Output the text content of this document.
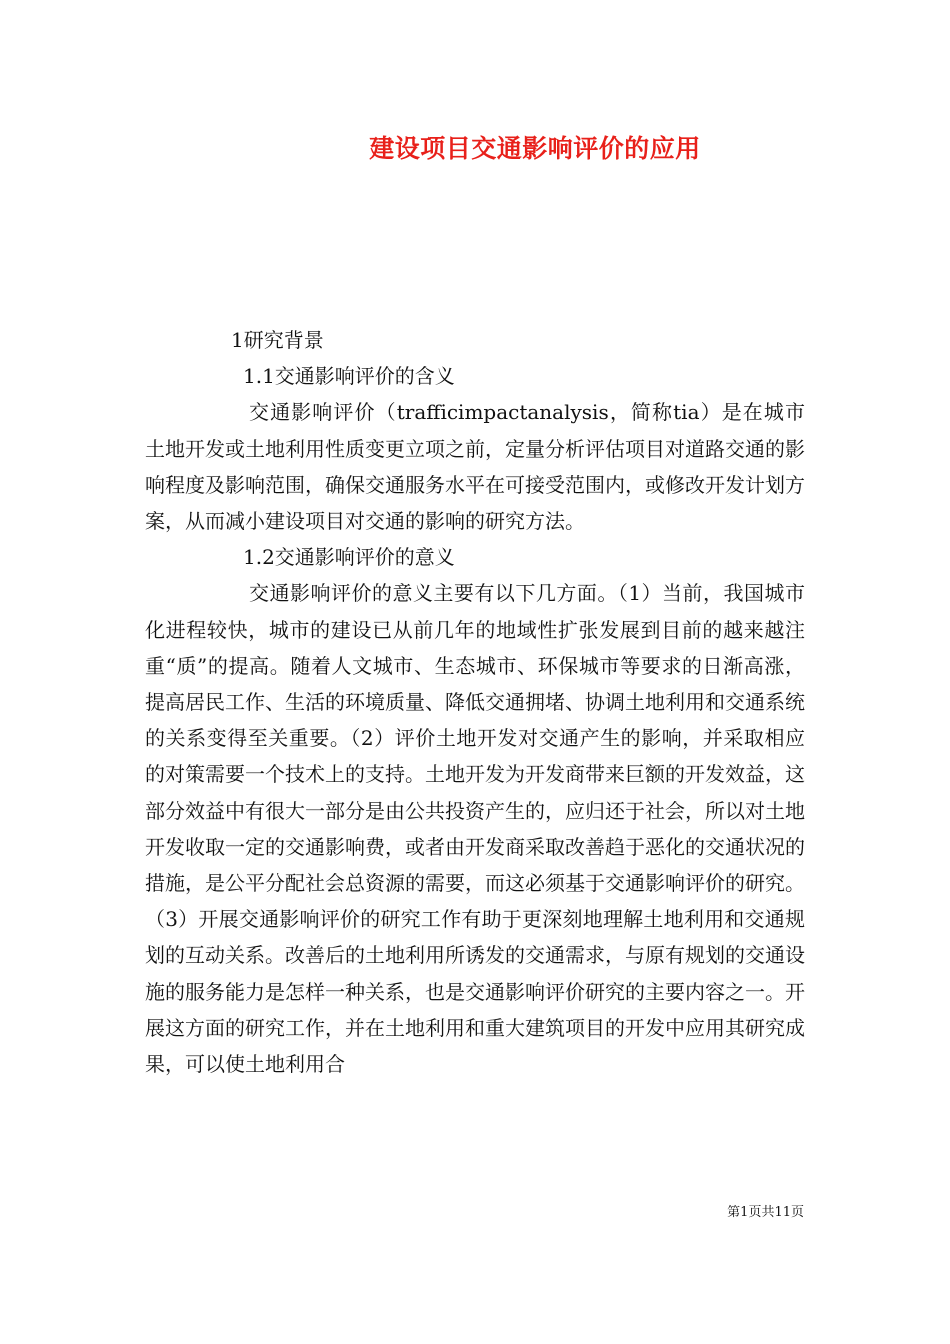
建设项目交通影响评价的应用

1研究背景

1.1交通影响评价的含义

交通影响评价（trafficimpactanalysis，简称tia）是在城市土地开发或土地利用性质变更立项之前，定量分析评估项目对道路交通的影响程度及影响范围，确保交通服务水平在可接受范围内，或修改开发计划方案，从而减小建设项目对交通的影响的研究方法。

1.2交通影响评价的意义

交通影响评价的意义主要有以下几方面。（1）当前，我国城市化进程较快，城市的建设已从前几年的地域性扩张发展到目前的越来越注重“质”的提高。随着人文城市、生态城市、环保城市等要求的日渐高涨，提高居民工作、生活的环境质量、降低交通拥堵、协调土地利用和交通系统的关系变得至关重要。（2）评价土地开发对交通产生的影响，并采取相应的对策需要一个技术上的支持。土地开发为开发商带来巨额的开发效益，这部分效益中有很大一部分是由公共投资产生的，应归还于社会，所以对土地开发收取一定的交通影响费，或者由开发商采取改善趋于恶化的交通状况的措施，是公平分配社会总资源的需要，而这必须基于交通影响评价的研究。（3）开展交通影响评价的研究工作有助于更深刻地理解土地利用和交通规划的互动关系。改善后的土地利用所诱发的交通需求，与原有规划的交通设施的服务能力是怎样一种关系，也是交通影响评价研究的主要内容之一。开展这方面的研究工作，并在土地利用和重大建筑项目的开发中应用其研究成果，可以使土地利用合

第1页共11页
